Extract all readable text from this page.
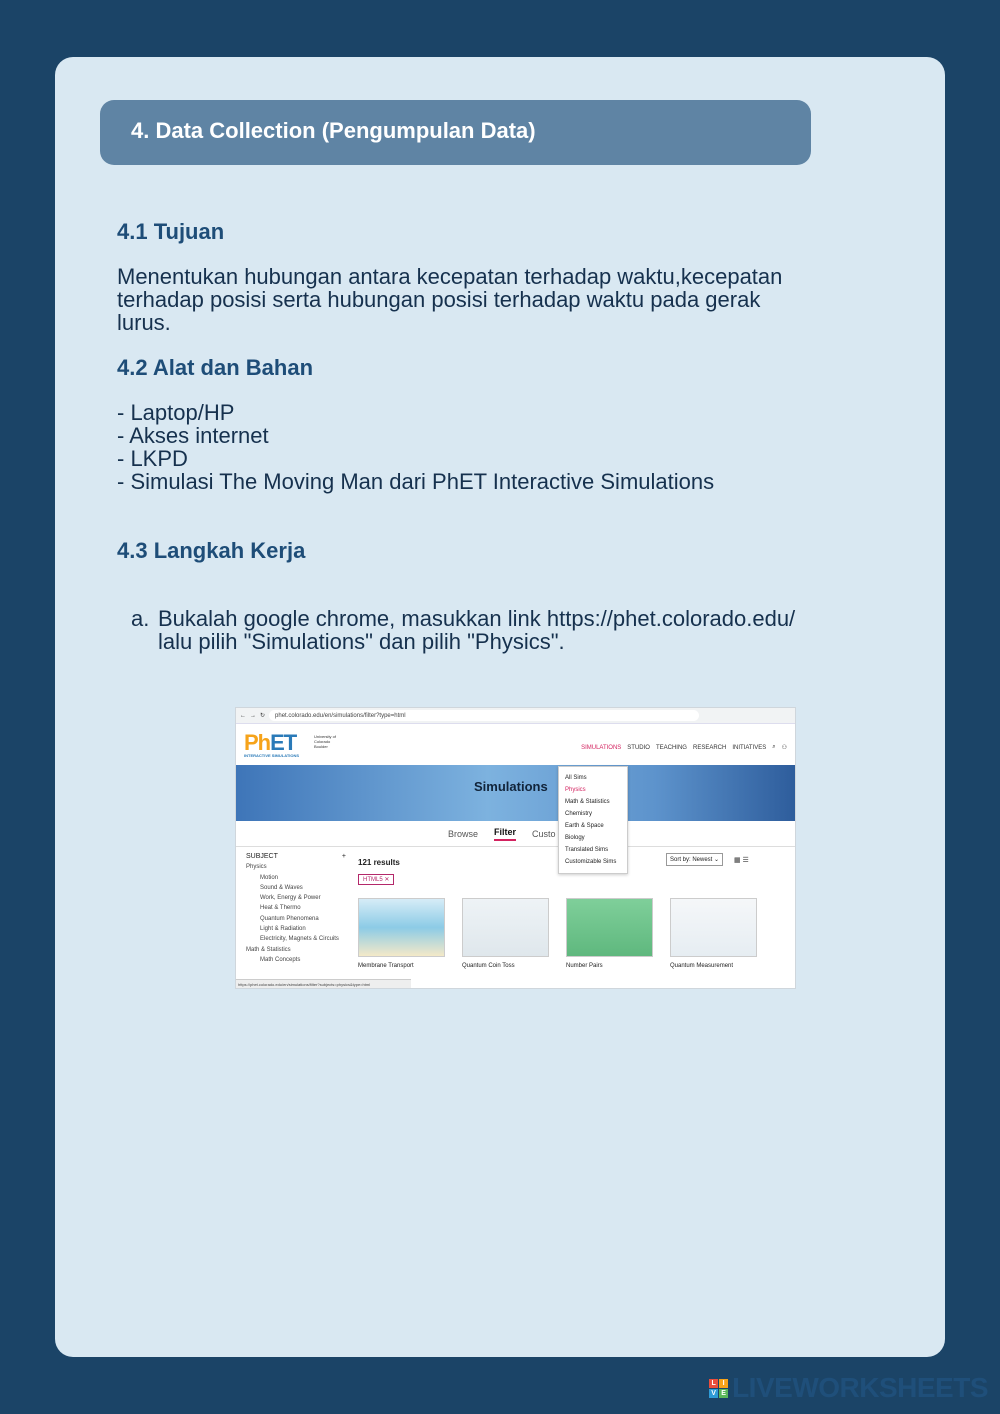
4. Data Collection (Pengumpulan Data)
4.1 Tujuan
Menentukan hubungan antara kecepatan terhadap waktu,kecepatan
terhadap posisi serta hubungan posisi terhadap waktu pada gerak
lurus.
4.2 Alat dan Bahan
- Laptop/HP
- Akses internet
- LKPD
- Simulasi The Moving Man dari PhET Interactive Simulations
4.3 Langkah Kerja
a. Bukalah google chrome, masukkan link https://phet.colorado.edu/
lalu pilih "Simulations" dan pilih "Physics".
← → ↻	phet.colorado.edu/en/simulations/filter?type=html
PhET
INTERACTIVE SIMULATIONS
University of Colorado Boulder	SIMULATIONS STUDIO TEACHING RESEARCH INITIATIVES ⌕ ⚇
Simulations
Browse Filter Custo
SUBJECT	+
Physics
Motion
Sound & Waves
Work, Energy & Power
Heat & Thermo
Quantum Phenomena
Light & Radiation
Electricity, Magnets & Circuits
Math & Statistics
Math Concepts
121 results
HTML5 ✕
Sort by: Newest ⌄	▦ ☰
Membrane Transport	Quantum Coin Toss	Number Pairs	Quantum Measurement
All Sims
Physics
Math & Statistics
Chemistry
Earth & Space
Biology
Translated Sims
Customizable Sims
https://phet.colorado.edu/en/simulations/filter?subjects=physics&type=html
L I
V E LIVEWORKSHEETS
